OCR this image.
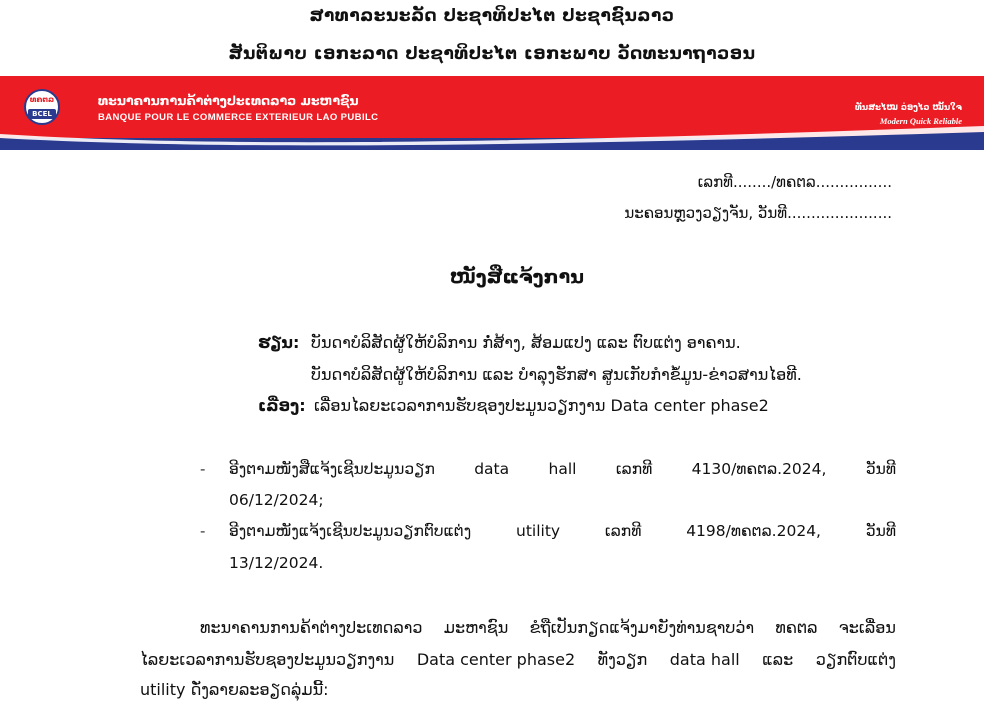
ສາທາລະນະລັດ ປະຊາທິປະໄຕ ປະຊາຊົນລາວ
ສັນຕິພາບ ເອກະລາດ ປະຊາທິປະໄຕ ເອກະພາບ ວັດທະນາຖາວອນ
ທຄຕລ
BCEL
ທະນາຄານການຄ້າຕ່າງປະເທດລາວ ມະຫາຊົນ
BANQUE POUR LE COMMERCE EXTERIEUR LAO PUBILC
ທັນສະໄໝ ວ່ອງໄວ ໝັ້ນໃຈ
Modern Quick Reliable
ເລກທີ......../ທຄຕລ................
ນະຄອນຫຼວງວຽງຈັນ, ວັນທີ......................
ໜັງສືແຈ້ງການ
ຮຽນ: ບັນດາບໍລິສັດຜູ້ໃຫ້ບໍລິການ ກໍ່ສ້າງ, ສ້ອມແປງ ແລະ ຕົບແຕ່ງ ອາຄານ.
ບັນດາບໍລິສັດຜູ້ໃຫ້ບໍລິການ ແລະ ບໍາລຸງຮັກສາ ສູນເກັບກໍາຂໍ້ມູນ-ຂ່າວສານໄອທີ.
ເລື່ອງ: ເລື່ອນໄລຍະເວລາການຮັບຊອງປະມູນວຽກງານ Data center phase2
- ອີງຕາມໜັງສືແຈ້ງເຊີນປະມູນວຽກ	data	hall	ເລກທີ	4130/ທຄຕລ.2024,	ວັນທີ
06/12/2024;
- ອີງຕາມໜັງແຈ້ງເຊີນປະມູນວຽກຕົບແຕ່ງ	utility	ເລກທີ	4198/ທຄຕລ.2024,	ວັນທີ
13/12/2024.
ທະນາຄານການຄ້າຕ່າງປະເທດລາວ ມະຫາຊົນ ຂໍຖືເປັນກຽດແຈ້ງມາຍັງທ່ານຊາບວ່າ ທຄຕລ ຈະເລື່ອນ
ໄລຍະເວລາການຮັບຊອງປະມູນວຽກງານ Data center phase2 ທັງວຽກ data hall ແລະ ວຽກຕົບແຕ່ງ
utility ດັ່ງລາຍລະອຽດລຸ່ມນີ້:
